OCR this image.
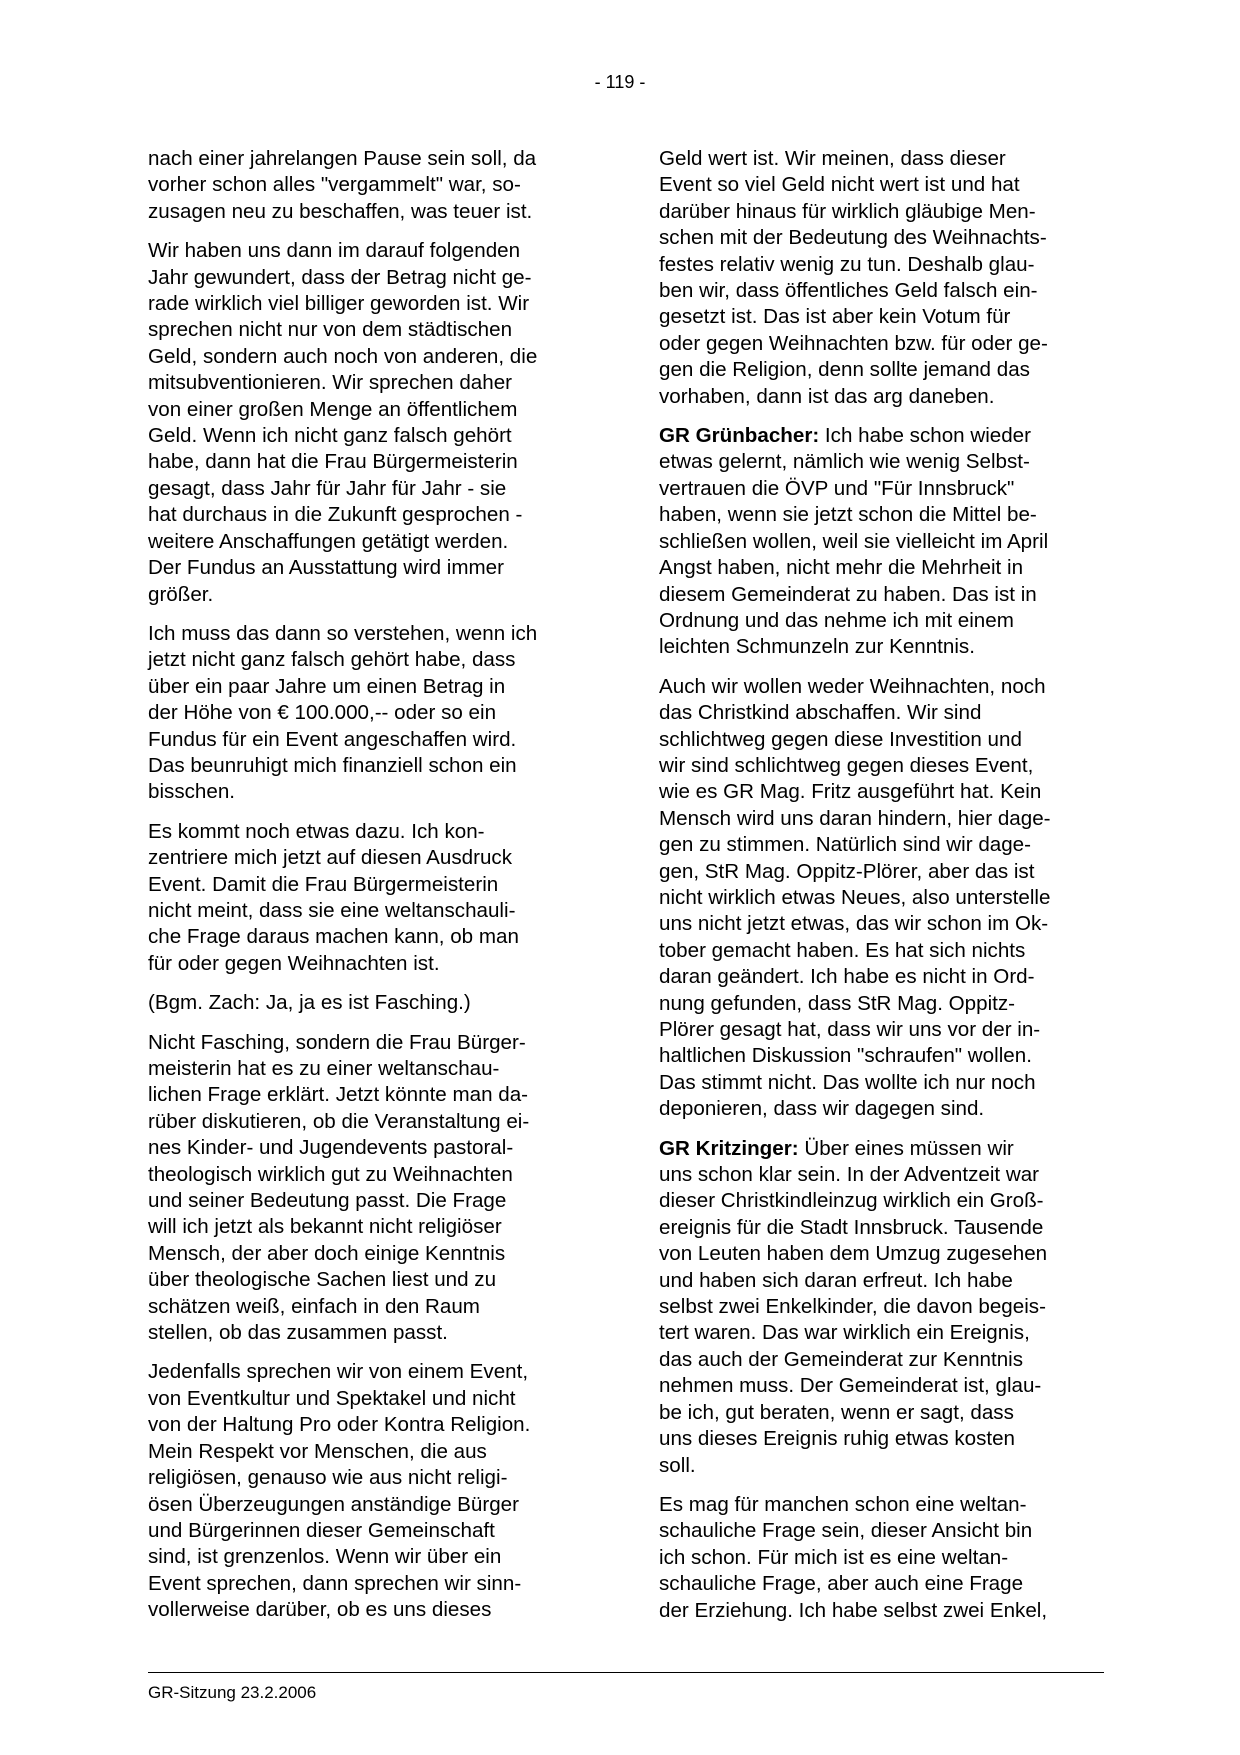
- 119 -
nach einer jahrelangen Pause sein soll, da
vorher schon alles "vergammelt" war, so-
zusagen neu zu beschaffen, was teuer ist.
Wir haben uns dann im darauf folgenden
Jahr gewundert, dass der Betrag nicht ge-
rade wirklich viel billiger geworden ist. Wir
sprechen nicht nur von dem städtischen
Geld, sondern auch noch von anderen, die
mitsubventionieren. Wir sprechen daher
von einer großen Menge an öffentlichem
Geld. Wenn ich nicht ganz falsch gehört
habe, dann hat die Frau Bürgermeisterin
gesagt, dass Jahr für Jahr für Jahr - sie
hat durchaus in die Zukunft gesprochen -
weitere Anschaffungen getätigt werden.
Der Fundus an Ausstattung wird immer
größer.
Ich muss das dann so verstehen, wenn ich
jetzt nicht ganz falsch gehört habe, dass
über ein paar Jahre um einen Betrag in
der Höhe von € 100.000,-- oder so ein
Fundus für ein Event angeschaffen wird.
Das beunruhigt mich finanziell schon ein
bisschen.
Es kommt noch etwas dazu. Ich kon-
zentriere mich jetzt auf diesen Ausdruck
Event. Damit die Frau Bürgermeisterin
nicht meint, dass sie eine weltanschauli-
che Frage daraus machen kann, ob man
für oder gegen Weihnachten ist.
(Bgm. Zach: Ja, ja es ist Fasching.)
Nicht Fasching, sondern die Frau Bürger-
meisterin hat es zu einer weltanschau-
lichen Frage erklärt. Jetzt könnte man da-
rüber diskutieren, ob die Veranstaltung ei-
nes Kinder- und Jugendevents pastoral-
theologisch wirklich gut zu Weihnachten
und seiner Bedeutung passt. Die Frage
will ich jetzt als bekannt nicht religiöser
Mensch, der aber doch einige Kenntnis
über theologische Sachen liest und zu
schätzen weiß, einfach in den Raum
stellen, ob das zusammen passt.
Jedenfalls sprechen wir von einem Event,
von Eventkultur und Spektakel und nicht
von der Haltung Pro oder Kontra Religion.
Mein Respekt vor Menschen, die aus
religiösen, genauso wie aus nicht religi-
ösen Überzeugungen anständige Bürger
und Bürgerinnen dieser Gemeinschaft
sind, ist grenzenlos. Wenn wir über ein
Event sprechen, dann sprechen wir sinn-
vollerweise darüber, ob es uns dieses
Geld wert ist. Wir meinen, dass dieser
Event so viel Geld nicht wert ist und hat
darüber hinaus für wirklich gläubige Men-
schen mit der Bedeutung des Weihnachts-
festes relativ wenig zu tun. Deshalb glau-
ben wir, dass öffentliches Geld falsch ein-
gesetzt ist. Das ist aber kein Votum für
oder gegen Weihnachten bzw. für oder ge-
gen die Religion, denn sollte jemand das
vorhaben, dann ist das arg daneben.
GR Grünbacher: Ich habe schon wieder
etwas gelernt, nämlich wie wenig Selbst-
vertrauen die ÖVP und "Für Innsbruck"
haben, wenn sie jetzt schon die Mittel be-
schließen wollen, weil sie vielleicht im April
Angst haben, nicht mehr die Mehrheit in
diesem Gemeinderat zu haben. Das ist in
Ordnung und das nehme ich mit einem
leichten Schmunzeln zur Kenntnis.
Auch wir wollen weder Weihnachten, noch
das Christkind abschaffen. Wir sind
schlichtweg gegen diese Investition und
wir sind schlichtweg gegen dieses Event,
wie es GR Mag. Fritz ausgeführt hat. Kein
Mensch wird uns daran hindern, hier dage-
gen zu stimmen. Natürlich sind wir dage-
gen, StR Mag. Oppitz-Plörer, aber das ist
nicht wirklich etwas Neues, also unterstelle
uns nicht jetzt etwas, das wir schon im Ok-
tober gemacht haben. Es hat sich nichts
daran geändert. Ich habe es nicht in Ord-
nung gefunden, dass StR Mag. Oppitz-
Plörer gesagt hat, dass wir uns vor der in-
haltlichen Diskussion "schraufen" wollen.
Das stimmt nicht. Das wollte ich nur noch
deponieren, dass wir dagegen sind.
GR Kritzinger: Über eines müssen wir
uns schon klar sein. In der Adventzeit war
dieser Christkindleinzug wirklich ein Groß-
ereignis für die Stadt Innsbruck. Tausende
von Leuten haben dem Umzug zugesehen
und haben sich daran erfreut. Ich habe
selbst zwei Enkelkinder, die davon begeis-
tert waren. Das war wirklich ein Ereignis,
das auch der Gemeinderat zur Kenntnis
nehmen muss. Der Gemeinderat ist, glau-
be ich, gut beraten, wenn er sagt, dass
uns dieses Ereignis ruhig etwas kosten
soll.
Es mag für manchen schon eine weltan-
schauliche Frage sein, dieser Ansicht bin
ich schon. Für mich ist es eine weltan-
schauliche Frage, aber auch eine Frage
der Erziehung. Ich habe selbst zwei Enkel,
GR-Sitzung 23.2.2006
